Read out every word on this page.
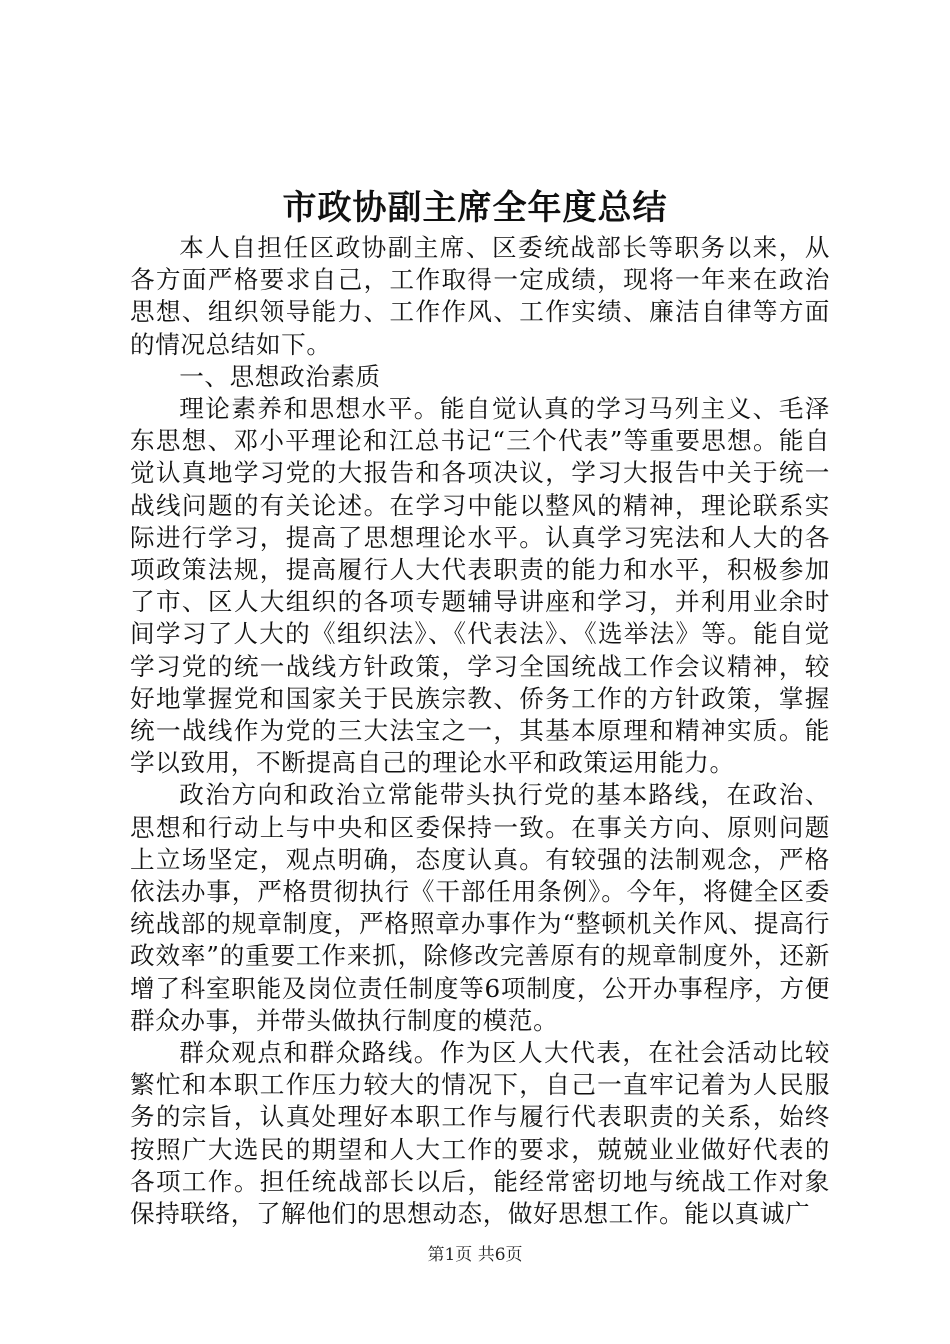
市政协副主席全年度总结

本人自担任区政协副主席、区委统战部长等职务以来，从各方面严格要求自己，工作取得一定成绩，现将一年来在政治思想、组织领导能力、工作作风、工作实绩、廉洁自律等方面的情况总结如下。

一、思想政治素质

理论素养和思想水平。能自觉认真的学习马列主义、毛泽东思想、邓小平理论和江总书记“三个代表”等重要思想。能自觉认真地学习党的大报告和各项决议，学习大报告中关于统一战线问题的有关论述。在学习中能以整风的精神，理论联系实际进行学习，提高了思想理论水平。认真学习宪法和人大的各项政策法规，提高履行人大代表职责的能力和水平，积极参加了市、区人大组织的各项专题辅导讲座和学习，并利用业余时间学习了人大的《组织法》、《代表法》、《选举法》等。能自觉学习党的统一战线方针政策，学习全国统战工作会议精神，较好地掌握党和国家关于民族宗教、侨务工作的方针政策，掌握统一战线作为党的三大法宝之一，其基本原理和精神实质。能学以致用，不断提高自己的理论水平和政策运用能力。

政治方向和政治立常能带头执行党的基本路线，在政治、思想和行动上与中央和区委保持一致。在事关方向、原则问题上立场坚定，观点明确，态度认真。有较强的法制观念，严格依法办事，严格贯彻执行《干部任用条例》。今年，将健全区委统战部的规章制度，严格照章办事作为“整顿机关作风、提高行政效率”的重要工作来抓，除修改完善原有的规章制度外，还新增了科室职能及岗位责任制度等6项制度，公开办事程序，方便群众办事，并带头做执行制度的模范。

群众观点和群众路线。作为区人大代表，在社会活动比较繁忙和本职工作压力较大的情况下，自己一直牢记着为人民服务的宗旨，认真处理好本职工作与履行代表职责的关系，始终按照广大选民的期望和人大工作的要求，兢兢业业做好代表的各项工作。担任统战部长以后，能经常密切地与统战工作对象保持联络，了解他们的思想动态，做好思想工作。能以真诚广

第1页 共6页
